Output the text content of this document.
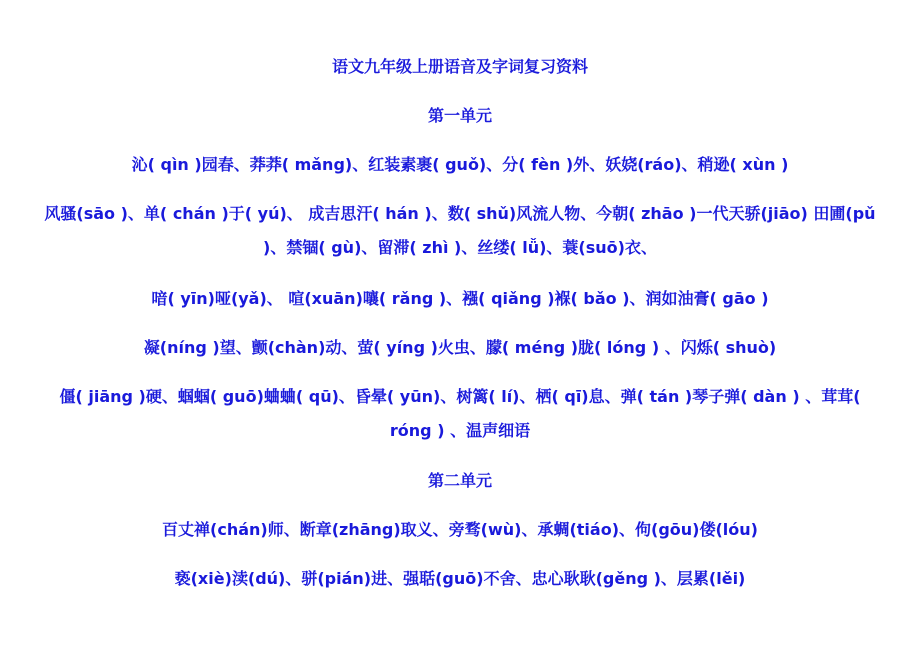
语文九年级上册语音及字词复习资料
第一单元
沁( qìn )园春、莽莽( mǎng)、红装素裹( guǒ)、分( fèn )外、妖娆(ráo)、稍逊( xùn )
风骚(sāo )、单( chán )于( yú)、 成吉思汗( hán )、数( shǔ)风流人物、今朝( zhāo )一代天骄(jiāo) 田圃(pǔ )、禁锢( gù)、留滞( zhì )、丝缕( lǚ)、蓑(suō)衣、
喑( yīn)哑(yǎ)、 喧(xuān)嚷( rǎng )、襁( qiǎng )褓( bǎo )、润如油膏( gāo )
凝(níng )望、颤(chàn)动、萤( yíng )火虫、朦( méng )胧( lóng ) 、闪烁( shuò)
僵( jiāng )硬、蝈蝈( guō)蛐蛐( qū)、昏晕( yūn)、树篱( lí)、栖( qī)息、弹( tán )琴子弹( dàn ) 、茸茸( róng ) 、温声细语
第二单元
百丈禅(chán)师、断章(zhāng)取义、旁骛(wù)、承蜩(tiáo)、佝(gōu)偻(lóu)
亵(xiè)渎(dú)、骈(pián)进、强聒(guō)不舍、忠心耿耿(gěng )、层累(lěi)
